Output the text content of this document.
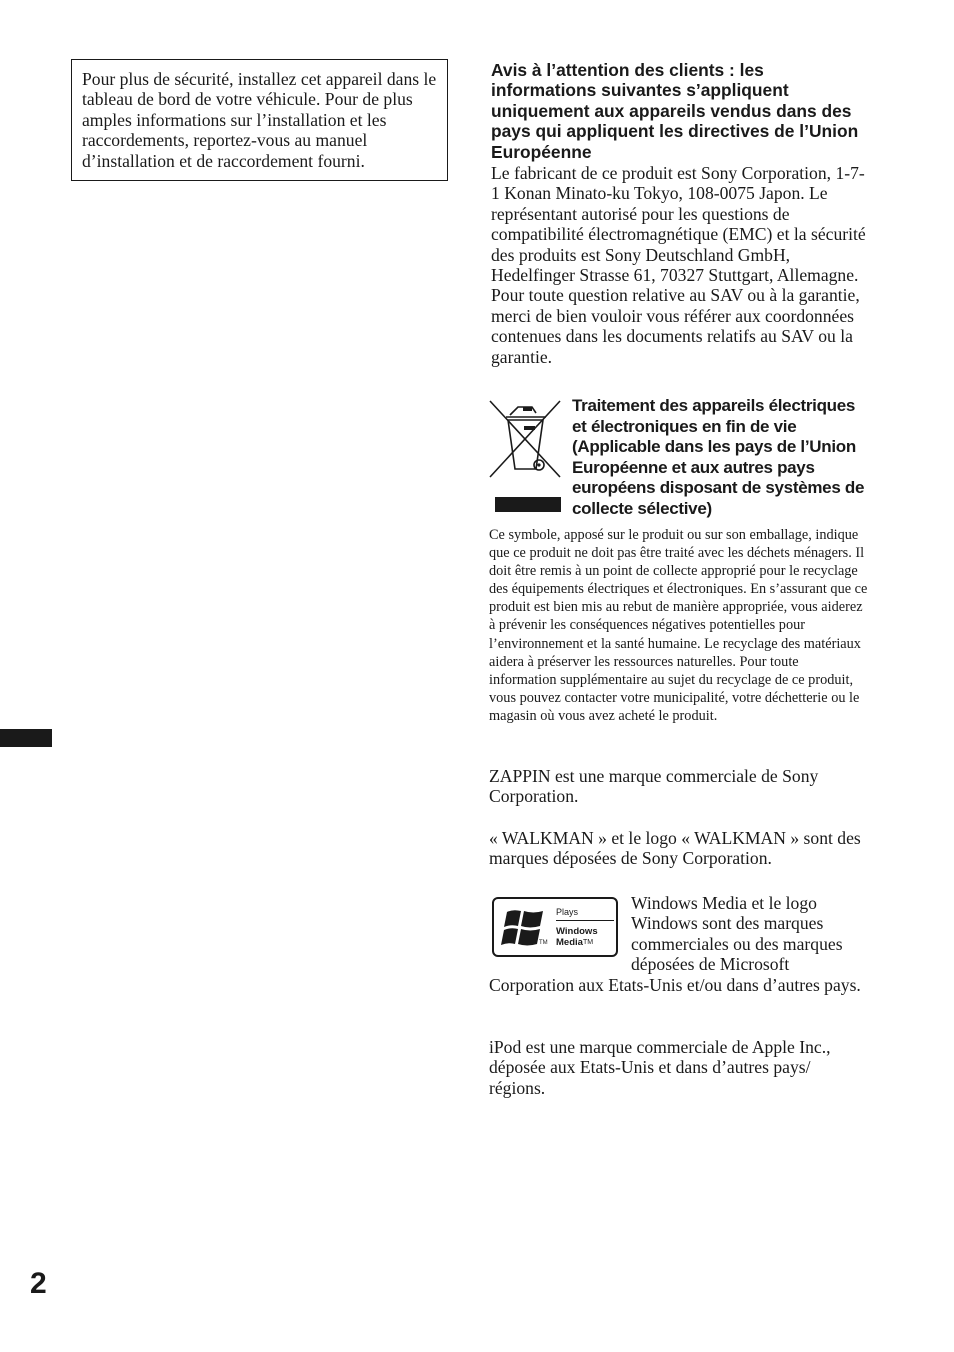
Pour plus de sécurité, installez cet appareil dans le tableau de bord de votre véhicule. Pour de plus amples informations sur l’installation et les raccordements, reportez-vous au manuel d’installation et de raccordement fourni.
Avis à l’attention des clients : les informations suivantes s’appliquent uniquement aux appareils vendus dans des pays qui appliquent les directives de l’Union Européenne
Le fabricant de ce produit est Sony Corporation, 1-7-1 Konan Minato-ku Tokyo, 108-0075 Japon. Le représentant autorisé pour les questions de compatibilité électromagnétique (EMC) et la sécurité des produits est Sony Deutschland GmbH, Hedelfinger Strasse 61, 70327 Stuttgart, Allemagne. Pour toute question relative au SAV ou à la garantie, merci de bien vouloir vous référer aux coordonnées contenues dans les documents relatifs au SAV ou la garantie.
Traitement des appareils électriques et électroniques en fin de vie (Applicable dans les pays de l’Union Européenne et aux autres pays européens disposant de systèmes de collecte sélective)
Ce symbole, apposé sur le produit ou sur son emballage, indique que ce produit ne doit pas être traité avec les déchets ménagers. Il doit être remis à un point de collecte approprié pour le recyclage des équipements électriques et électroniques. En s’assurant que ce produit est bien mis au rebut de manière appropriée, vous aiderez à prévenir les conséquences négatives potentielles pour l’environnement et la santé humaine. Le recyclage des matériaux aidera à préserver les ressources naturelles. Pour toute information supplémentaire au sujet du recyclage de ce produit, vous pouvez contacter votre municipalité, votre déchetterie ou le magasin où vous avez acheté le produit.
ZAPPIN est une marque commerciale de Sony Corporation.
« WALKMAN » et le logo « WALKMAN » sont des marques déposées de Sony Corporation.
TM
Plays
Windows
Media™
Windows Media et le logo Windows sont des marques commerciales ou des marques déposées de Microsoft
Corporation aux Etats-Unis et/ou dans d’autres pays.
iPod est une marque commerciale de Apple Inc., déposée aux Etats-Unis et dans d’autres pays/ régions.
2
